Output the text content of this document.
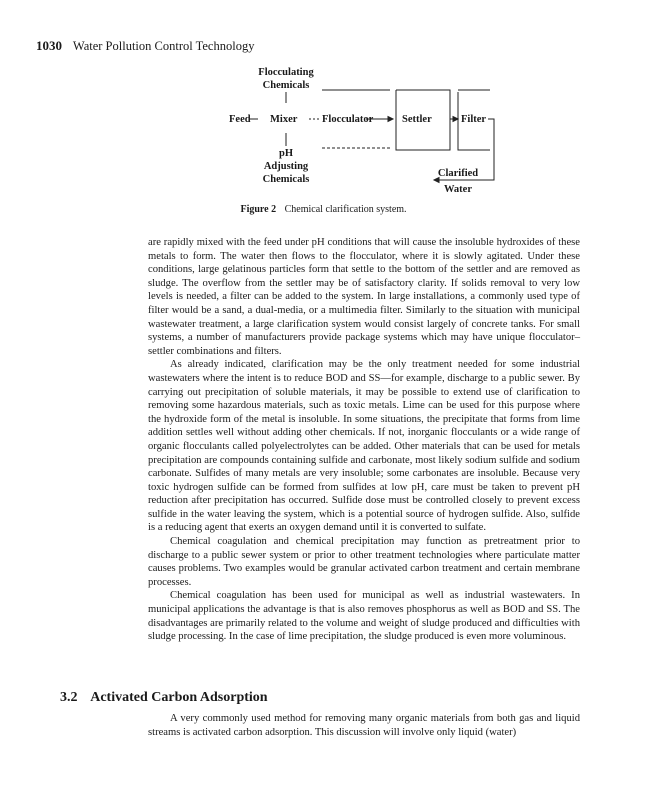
1030 Water Pollution Control Technology
Flocculating
Chemicals
Feed Mixer Flocculator	Settler	Filter
pH
Adjusting
Chemicals
Clarified
Water
Figure 2 Chemical clarification system.

are rapidly mixed with the feed under pH conditions that will cause the insoluble hydroxides of these metals to form. The water then flows to the flocculator, where it is slowly agitated. Under these conditions, large gelatinous particles form that settle to the bottom of the settler and are removed as sludge. The overflow from the settler may be of satisfactory clarity. If solids removal to very low levels is needed, a filter can be added to the system. In large installations, a commonly used type of filter would be a sand, a dual-media, or a multimedia filter. Similarly to the situation with municipal wastewater treatment, a large clarification system would consist largely of concrete tanks. For small systems, a number of manufacturers provide package systems which may have unique flocculator–settler combinations and filters.

As already indicated, clarification may be the only treatment needed for some industrial wastewaters where the intent is to reduce BOD and SS—for example, discharge to a public sewer. By carrying out precipitation of soluble materials, it may be possible to extend use of clarification to removing some hazardous materials, such as toxic metals. Lime can be used for this purpose where the hydroxide form of the metal is insoluble. In some situations, the precipitate that forms from lime addition settles well without adding other chemicals. If not, inorganic flocculants or a wide range of organic flocculants called polyelectrolytes can be added. Other materials that can be used for metals precipitation are compounds containing sulfide and carbonate, most likely sodium sulfide and sodium carbonate. Sulfides of many metals are very insoluble; some carbonates are insoluble. Because very toxic hydrogen sulfide can be formed from sulfides at low pH, care must be taken to prevent pH reduction after precipitation has occurred. Sulfide dose must be controlled closely to prevent excess sulfide in the water leaving the system, which is a potential source of hydrogen sulfide. Also, sulfide is a reducing agent that exerts an oxygen demand until it is converted to sulfate.

Chemical coagulation and chemical precipitation may function as pretreatment prior to discharge to a public sewer system or prior to other treatment technologies where particulate matter causes problems. Two examples would be granular activated carbon treatment and certain membrane processes.

Chemical coagulation has been used for municipal as well as industrial wastewaters. In municipal applications the advantage is that is also removes phosphorus as well as BOD and SS. The disadvantages are primarily related to the volume and weight of sludge produced and difficulties with sludge processing. In the case of lime precipitation, the sludge produced is even more voluminous.

3.2 Activated Carbon Adsorption

A very commonly used method for removing many organic materials from both gas and liquid streams is activated carbon adsorption. This discussion will involve only liquid (water)
